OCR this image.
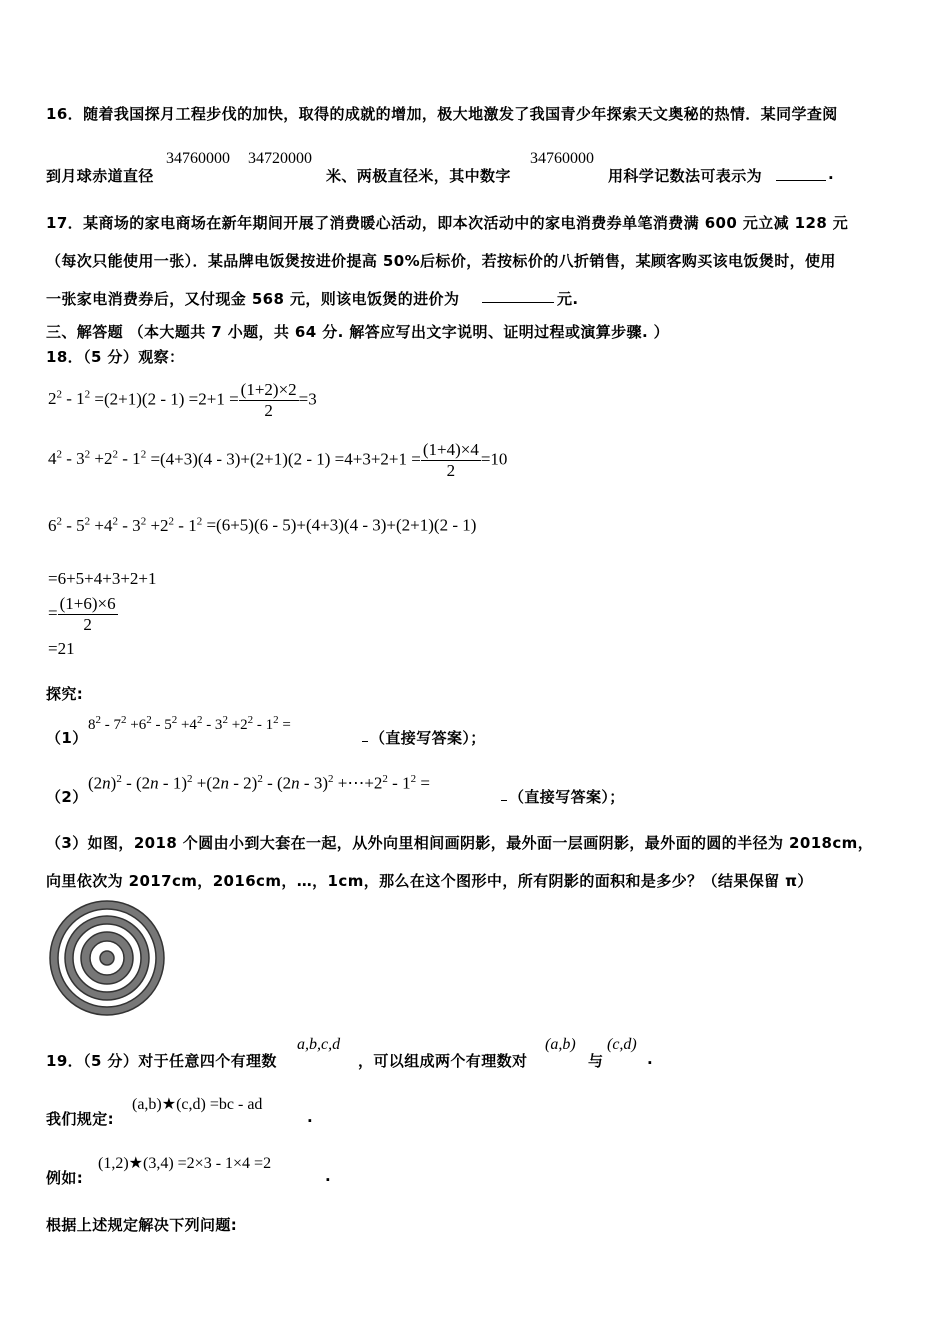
16．随着我国探月工程步伐的加快，取得的成就的增加，极大地激发了我国青少年探索天文奥秘的热情．某同学查阅
到月球赤道直径
34760000 34720000
米、两极直径米，其中数字
34760000
用科学记数法可表示为	.
17．某商场的家电商场在新年期间开展了消费暖心活动，即本次活动中的家电消费券单笔消费满 600 元立减 128 元
（每次只能使用一张）．某品牌电饭煲按进价提高 50%后标价，若按标价的八折销售，某顾客购买该电饭煲时，使用
一张家电消费券后，又付现金 568 元，则该电饭煲的进价为	元.
三、解答题 （本大题共 7 小题，共 64 分. 解答应写出文字说明、证明过程或演算步骤. ）
18．（5 分）观察：
$2^2 - 1^2 =(2+1)(2 - 1) =2+1 = \frac{(1+2)\times 2}{2} =3$
$4^2 - 3^2 +2^2 - 1^2 =(4+3)(4 - 3)+(2+1)(2 - 1) =4+3+2+1 = \frac{(1+4)\times 4}{2} =10$
$6^2 - 5^2 +4^2 - 3^2 +2^2 - 1^2 =(6+5)(6 - 5)+(4+3)(4 - 3)+(2+1)(2 - 1)$
=6+5+4+3+2+1
= $\frac{(1+6)\times 6}{2}$
=21
探究:
（1）
$8^2 - 7^2 +6^2 - 5^2 +4^2 - 3^2 +2^2 - 1^2$ =
（直接写答案）；
（2）
$(2n)^2 - (2n - 1)^2 +(2n - 2)^2 - (2n - 3)^2$ $+\cdots+2^2 - 1^2$ =
（直接写答案）；
（3）如图，2018 个圆由小到大套在一起，从外向里相间画阴影，最外面一层画阴影，最外面的圆的半径为 2018cm，
向里依次为 2017cm，2016cm，…，1cm，那么在这个图形中，所有阴影的面积和是多少？（结果保留 π）
19．（5 分）对于任意四个有理数
a,b,c,d
，可以组成两个有理数对
(a,b)
与
(c,d)
.
我们规定:
(a,b)★(c,d) =bc - ad
.
例如:
(1,2)★(3,4) =2×3 - 1×4 =2
.
根据上述规定解决下列问题:
